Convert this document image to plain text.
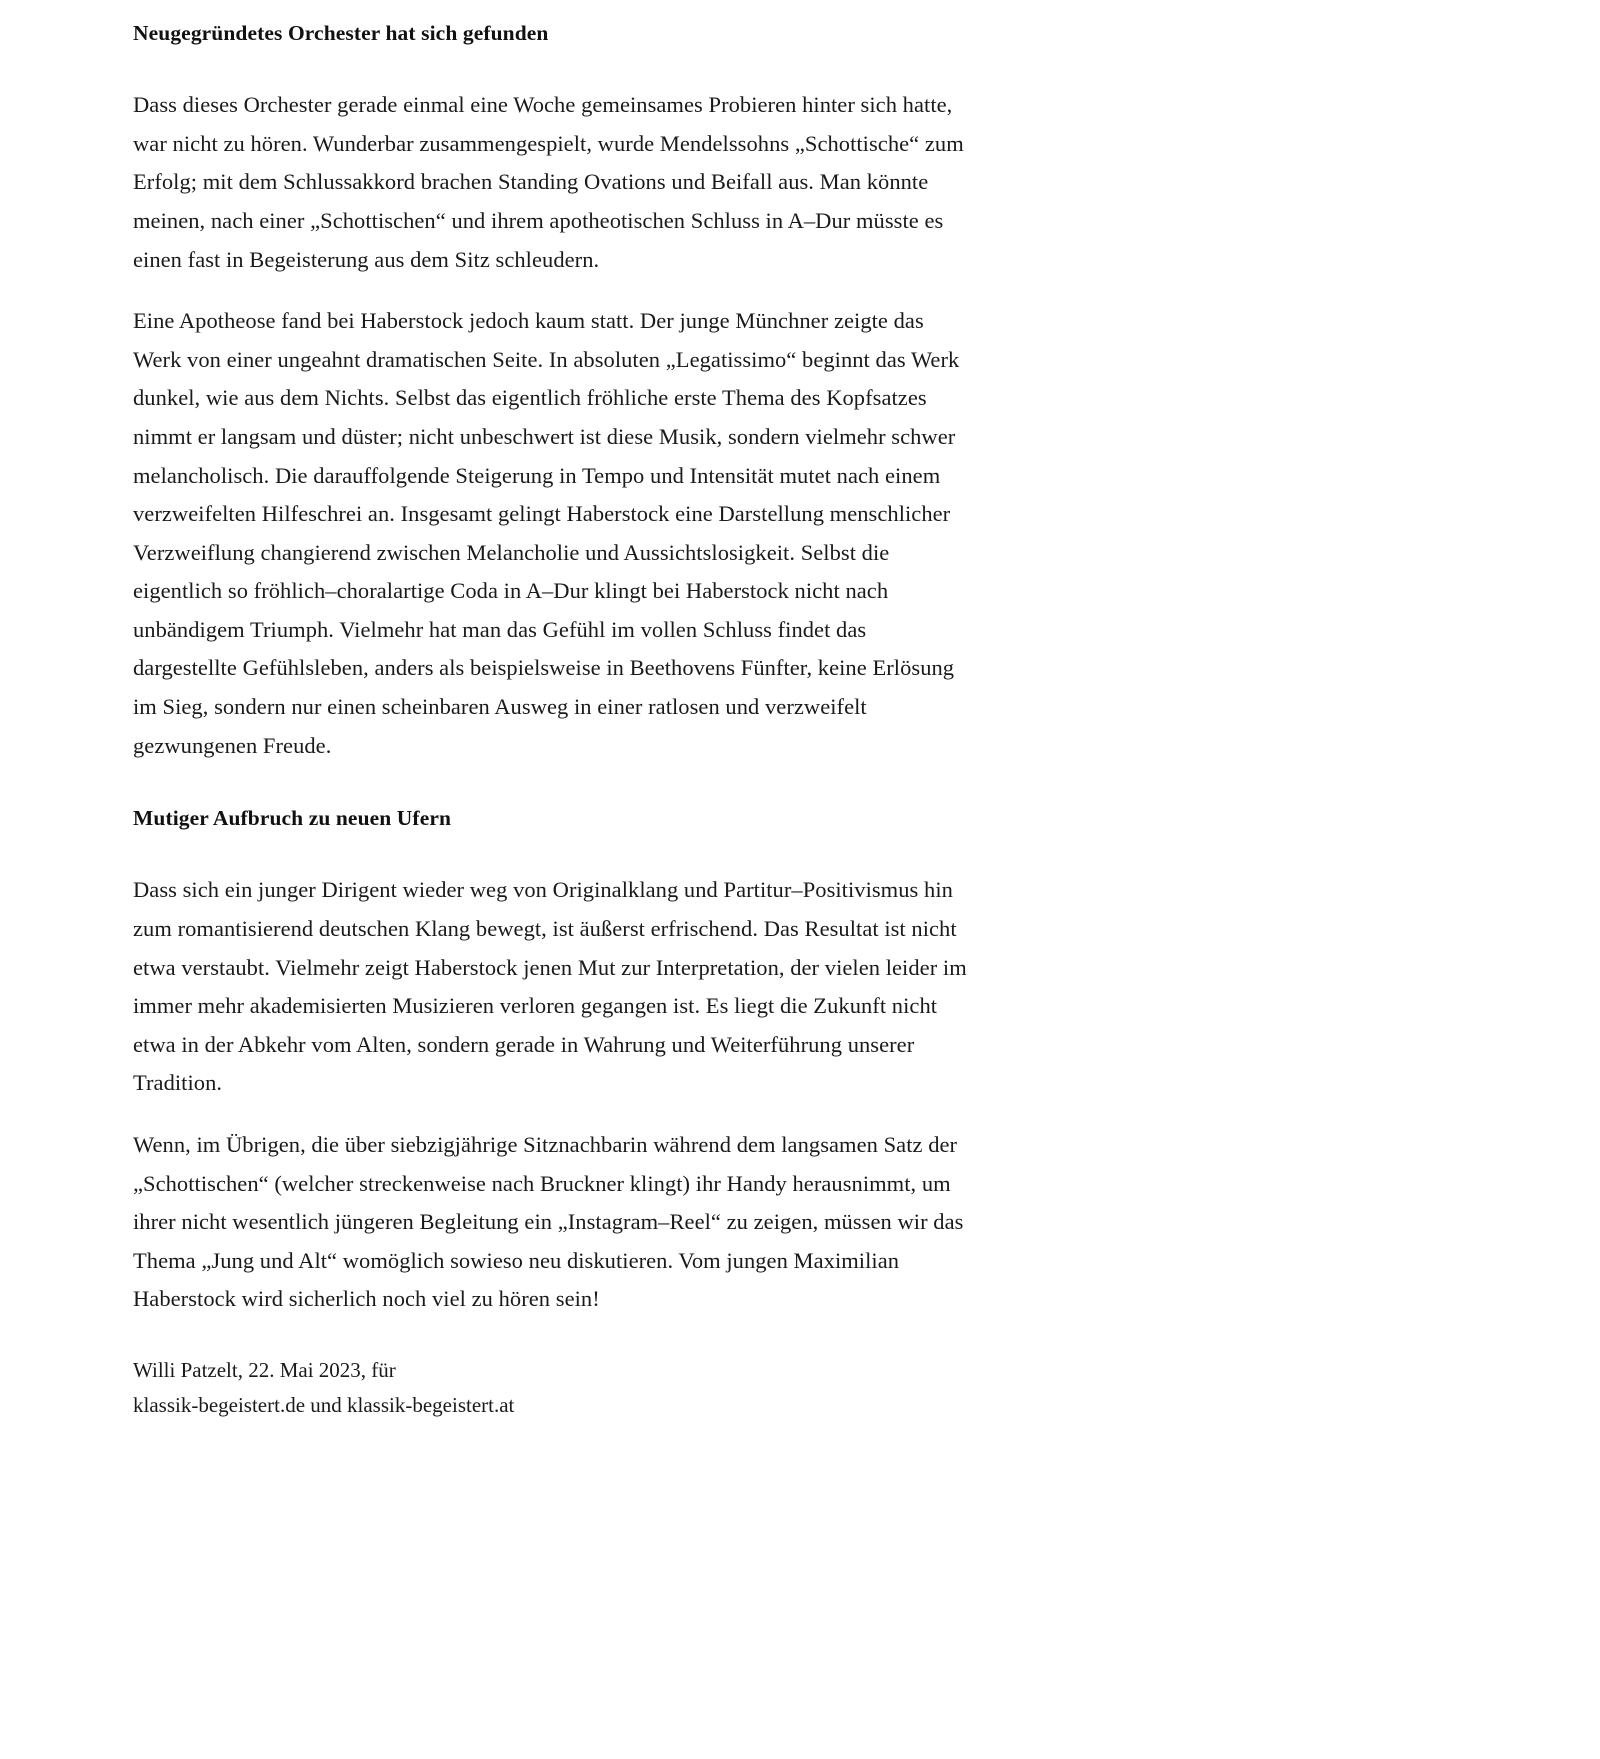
Neugegründetes Orchester hat sich gefunden

Dass dieses Orchester gerade einmal eine Woche gemeinsames Probieren hinter sich hatte, war nicht zu hören. Wunderbar zusammengespielt, wurde Mendelssohns „Schottische“ zum Erfolg; mit dem Schlussakkord brachen Standing Ovations und Beifall aus. Man könnte meinen, nach einer „Schottischen“ und ihrem apotheotischen Schluss in A–Dur müsste es einen fast in Begeisterung aus dem Sitz schleudern.

Eine Apotheose fand bei Haberstock jedoch kaum statt. Der junge Münchner zeigte das Werk von einer ungeahnt dramatischen Seite. In absoluten „Legatissimo“ beginnt das Werk dunkel, wie aus dem Nichts. Selbst das eigentlich fröhliche erste Thema des Kopfsatzes nimmt er langsam und düster; nicht unbeschwert ist diese Musik, sondern vielmehr schwer melancholisch. Die darauffolgende Steigerung in Tempo und Intensität mutet nach einem verzweifelten Hilfeschrei an. Insgesamt gelingt Haberstock eine Darstellung menschlicher Verzweiflung changierend zwischen Melancholie und Aussichtslosigkeit. Selbst die eigentlich so fröhlich–choralartige Coda in A–Dur klingt bei Haberstock nicht nach unbändigem Triumph. Vielmehr hat man das Gefühl im vollen Schluss findet das dargestellte Gefühlsleben, anders als beispielsweise in Beethovens Fünfter, keine Erlösung im Sieg, sondern nur einen scheinbaren Ausweg in einer ratlosen und verzweifelt gezwungenen Freude.

Mutiger Aufbruch zu neuen Ufern

Dass sich ein junger Dirigent wieder weg von Originalklang und Partitur–Positivismus hin zum romantisierend deutschen Klang bewegt, ist äußerst erfrischend. Das Resultat ist nicht etwa verstaubt. Vielmehr zeigt Haberstock jenen Mut zur Interpretation, der vielen leider im immer mehr akademisierten Musizieren verloren gegangen ist. Es liegt die Zukunft nicht etwa in der Abkehr vom Alten, sondern gerade in Wahrung und Weiterführung unserer Tradition.

Wenn, im Übrigen, die über siebzigjährige Sitznachbarin während dem langsamen Satz der „Schottischen“ (welcher streckenweise nach Bruckner klingt) ihr Handy herausnimmt, um ihrer nicht wesentlich jüngeren Begleitung ein „Instagram–Reel“ zu zeigen, müssen wir das Thema „Jung und Alt“ womöglich sowieso neu diskutieren. Vom jungen Maximilian Haberstock wird sicherlich noch viel zu hören sein!

Willi Patzelt, 22. Mai 2023, für
klassik-begeistert.de und klassik-begeistert.at
